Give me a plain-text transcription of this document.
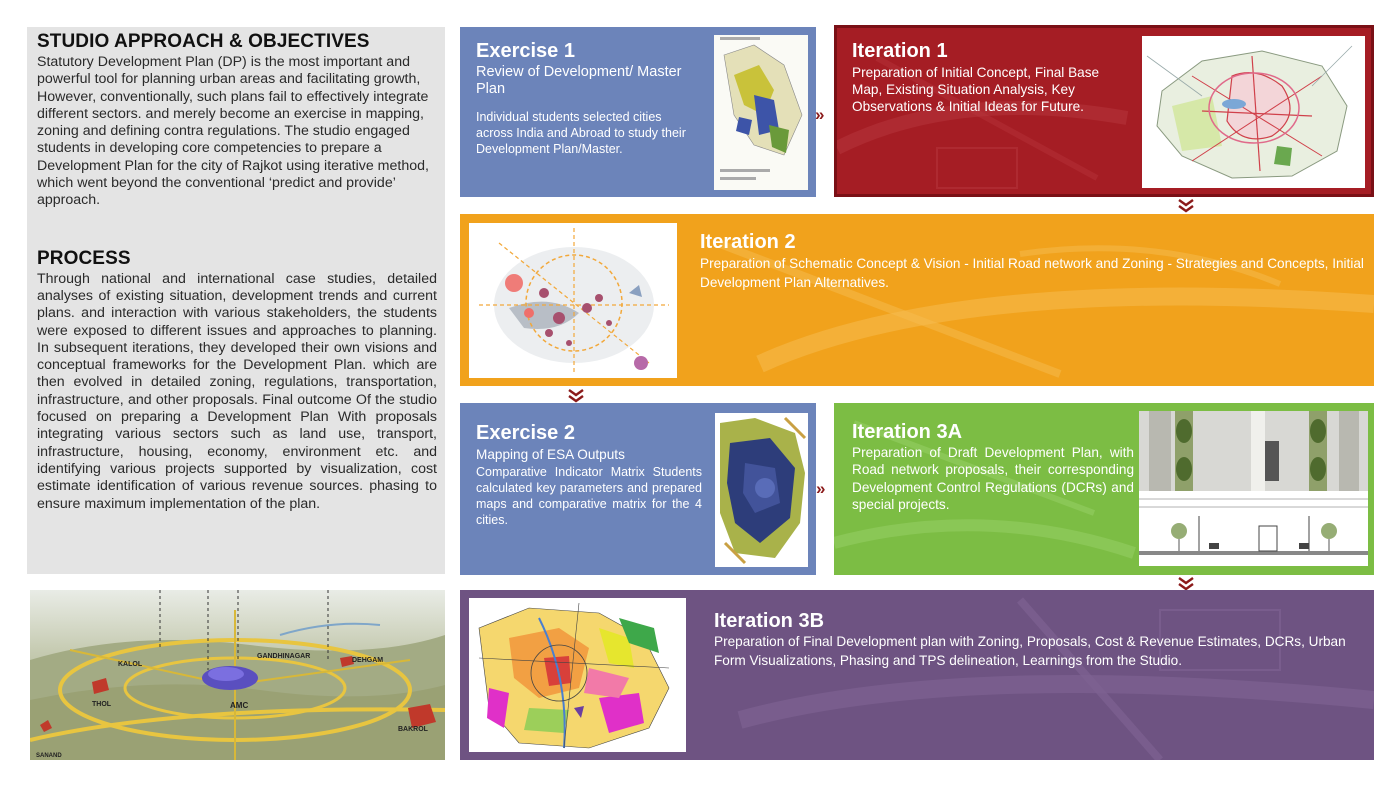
STUDIO APPROACH & OBJECTIVES

Statutory Development Plan (DP) is the most important and powerful tool for planning urban areas and facilitating growth, However, conventionally, such plans fail to effectively integrate different sectors. and merely become an exercise in mapping, zoning and defining contra regulations. The studio engaged students in developing core competencies to prepare a Development Plan for the city of Rajkot using iterative method, which went beyond the conventional ‘predict and provide’ approach.

PROCESS

Through national and international case studies, detailed analyses of existing situation, development trends and current plans. and interaction with various stakeholders, the students were exposed to different issues and approaches to planning. In subsequent iterations, they developed their own visions and conceptual frameworks for the Development Plan. which are then evolved in detailed zoning, regulations, transportation, infrastructure, and other proposals. Final outcome Of the studio focused on preparing a Development Plan With proposals integrating various sectors such as land use, transport, infrastructure, housing, economy, environment etc. and identifying various projects supported by visualization, cost estimate identification of various revenue sources. phasing to ensure maximum implementation of the plan.

GANDHINAGAR
KALOL
DEHGAM
THOL	AMC
BAKROL
SANAND
Exercise 1
Review of Development/ Master Plan
Individual students selected cities across India and Abroad to study their Development Plan/Master.
»
Iteration 1
Preparation of Initial Concept, Final Base Map, Existing Situation Analysis, Key Observations & Initial Ideas for Future.
Iteration 2
Preparation of Schematic Concept & Vision - Initial Road network and Zoning - Strategies and Concepts, Initial Development Plan Alternatives.
Exercise 2
Mapping of ESA Outputs
Comparative Indicator Matrix Students calculated key parameters and prepared maps and comparative matrix for the 4 cities.
»
Iteration 3A
Preparation of Draft Development Plan, with Road network proposals, their corresponding Development Control Regulations (DCRs) and special projects.
Iteration 3B
Preparation of Final Development plan with Zoning, Proposals, Cost & Revenue Estimates, DCRs, Urban Form Visualizations, Phasing and TPS delineation, Learnings from the Studio.
